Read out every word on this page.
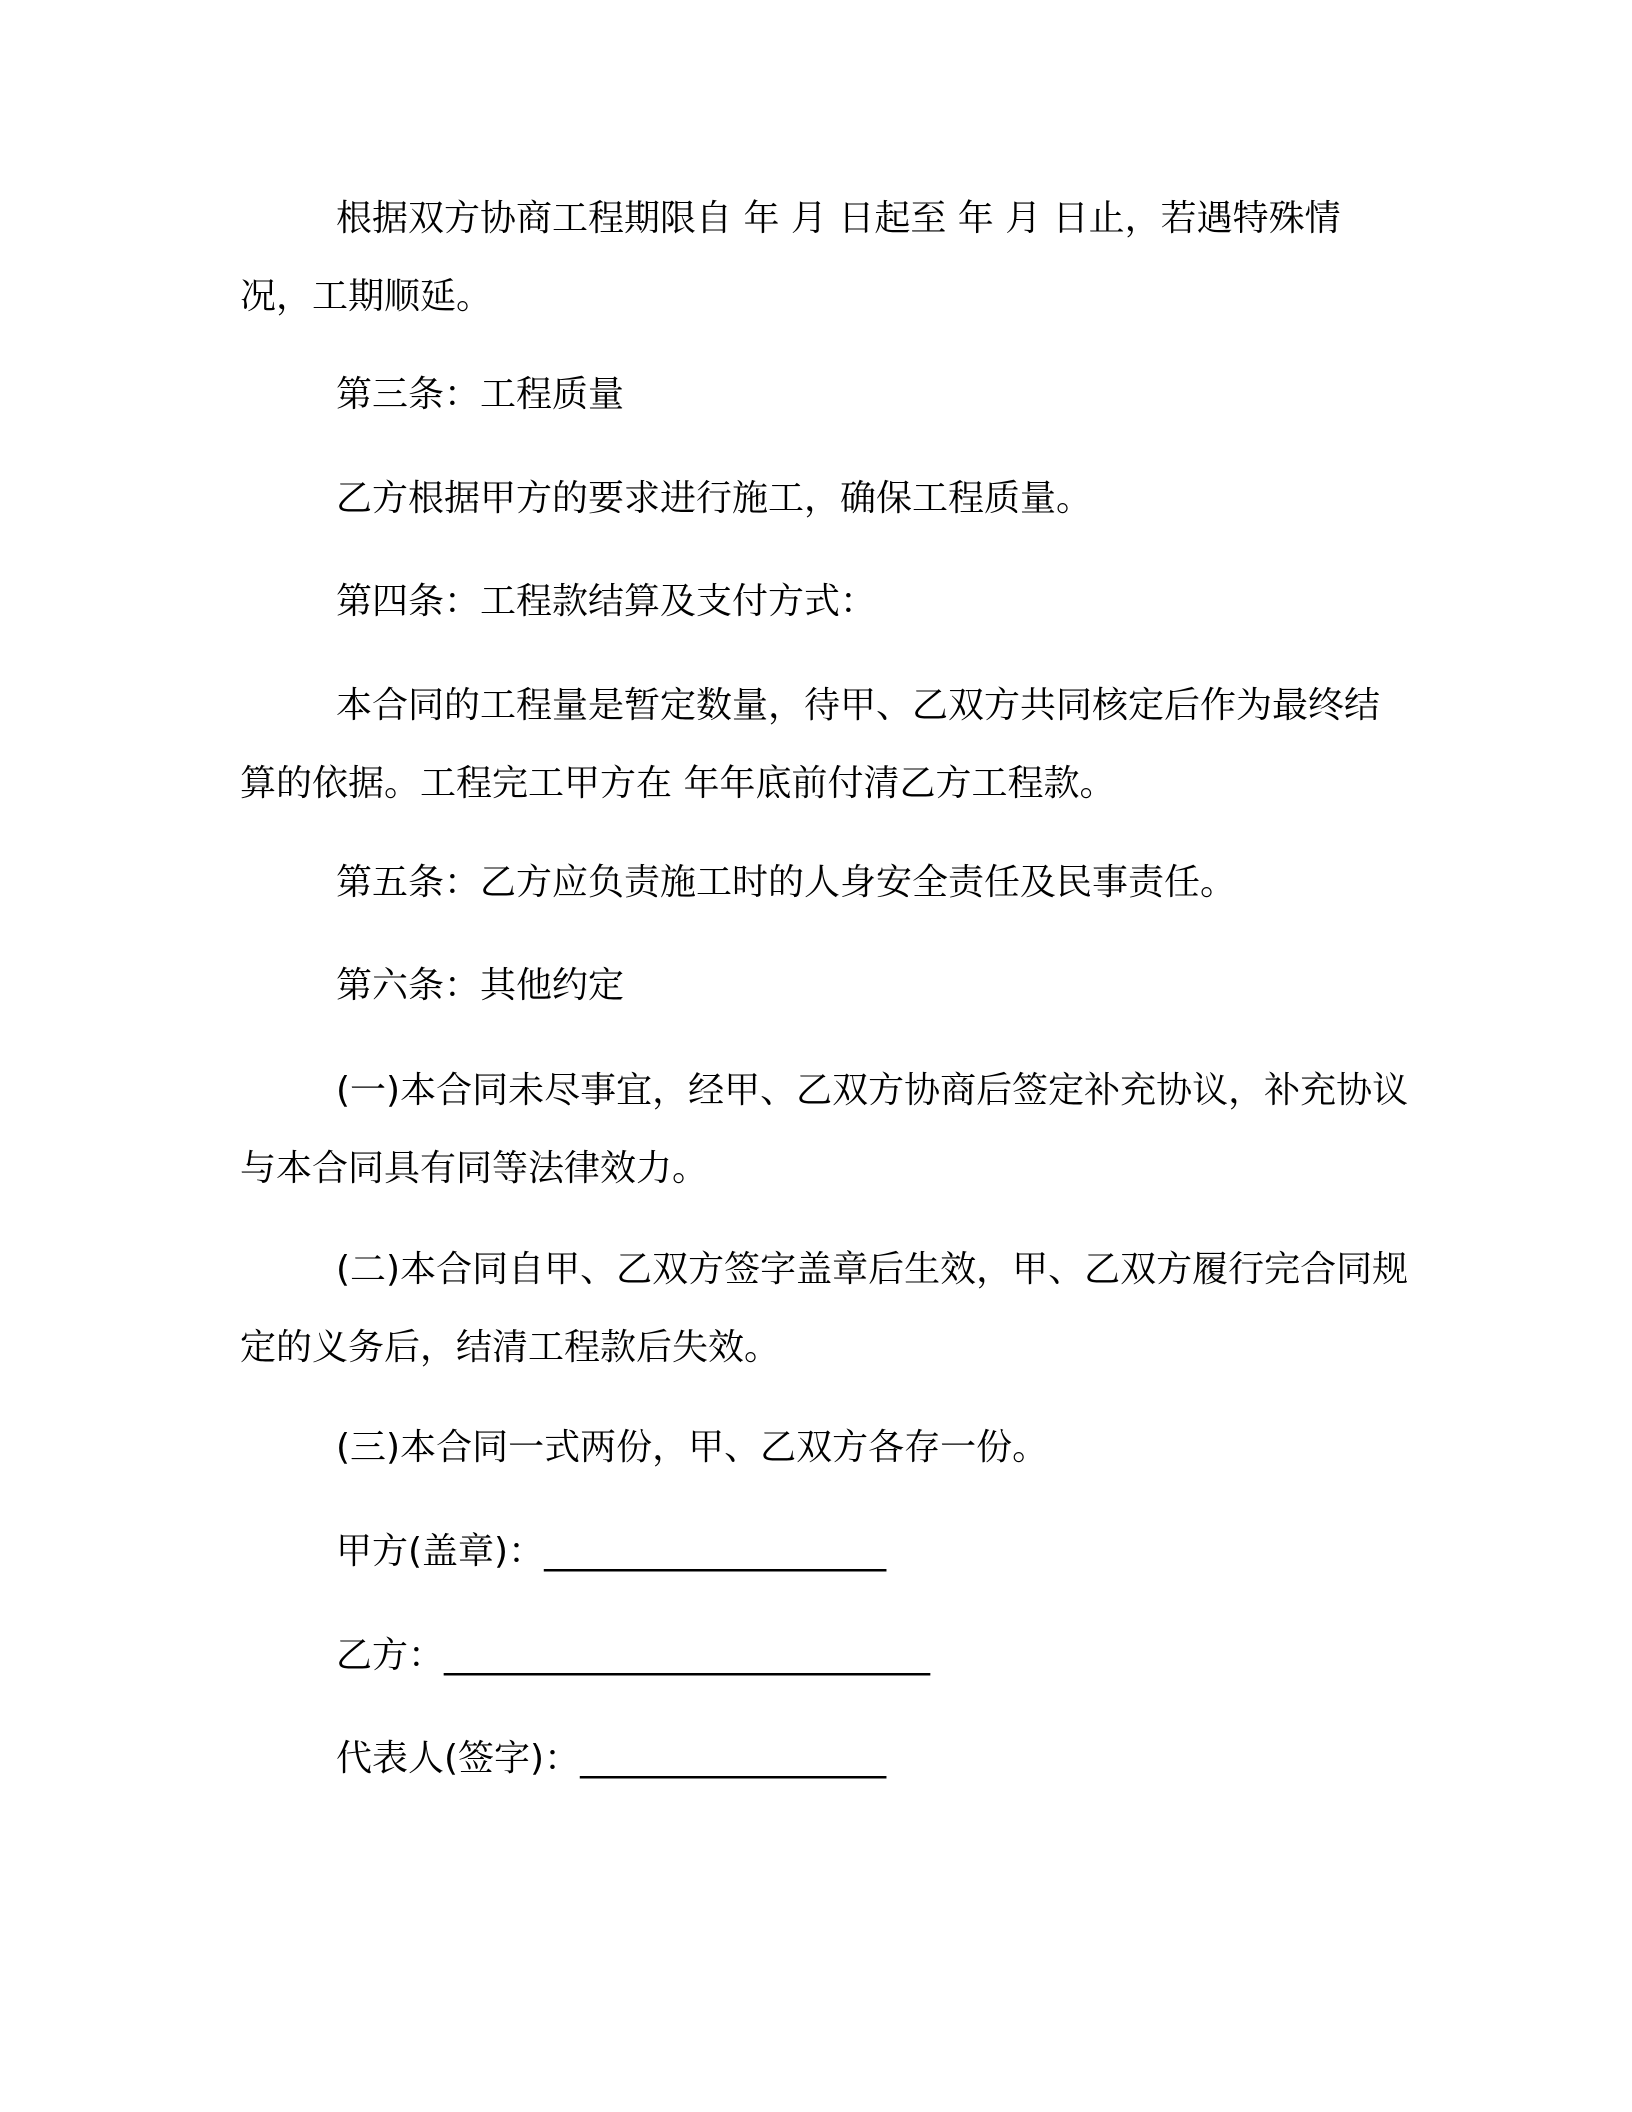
根据双方协商工程期限自 年 月 日起至 年 月 日止，若遇特殊情况，工期顺延。

第三条：工程质量

乙方根据甲方的要求进行施工，确保工程质量。

第四条：工程款结算及支付方式：

本合同的工程量是暂定数量，待甲、乙双方共同核定后作为最终结算的依据。工程完工甲方在 年年底前付清乙方工程款。

第五条：乙方应负责施工时的人身安全责任及民事责任。

第六条：其他约定

(一)本合同未尽事宜，经甲、乙双方协商后签定补充协议，补充协议与本合同具有同等法律效力。

(二)本合同自甲、乙双方签字盖章后生效，甲、乙双方履行完合同规定的义务后，结清工程款后失效。

(三)本合同一式两份，甲、乙双方各存一份。

甲方(盖章)：___________________

乙方：___________________________

代表人(签字)：_________________
